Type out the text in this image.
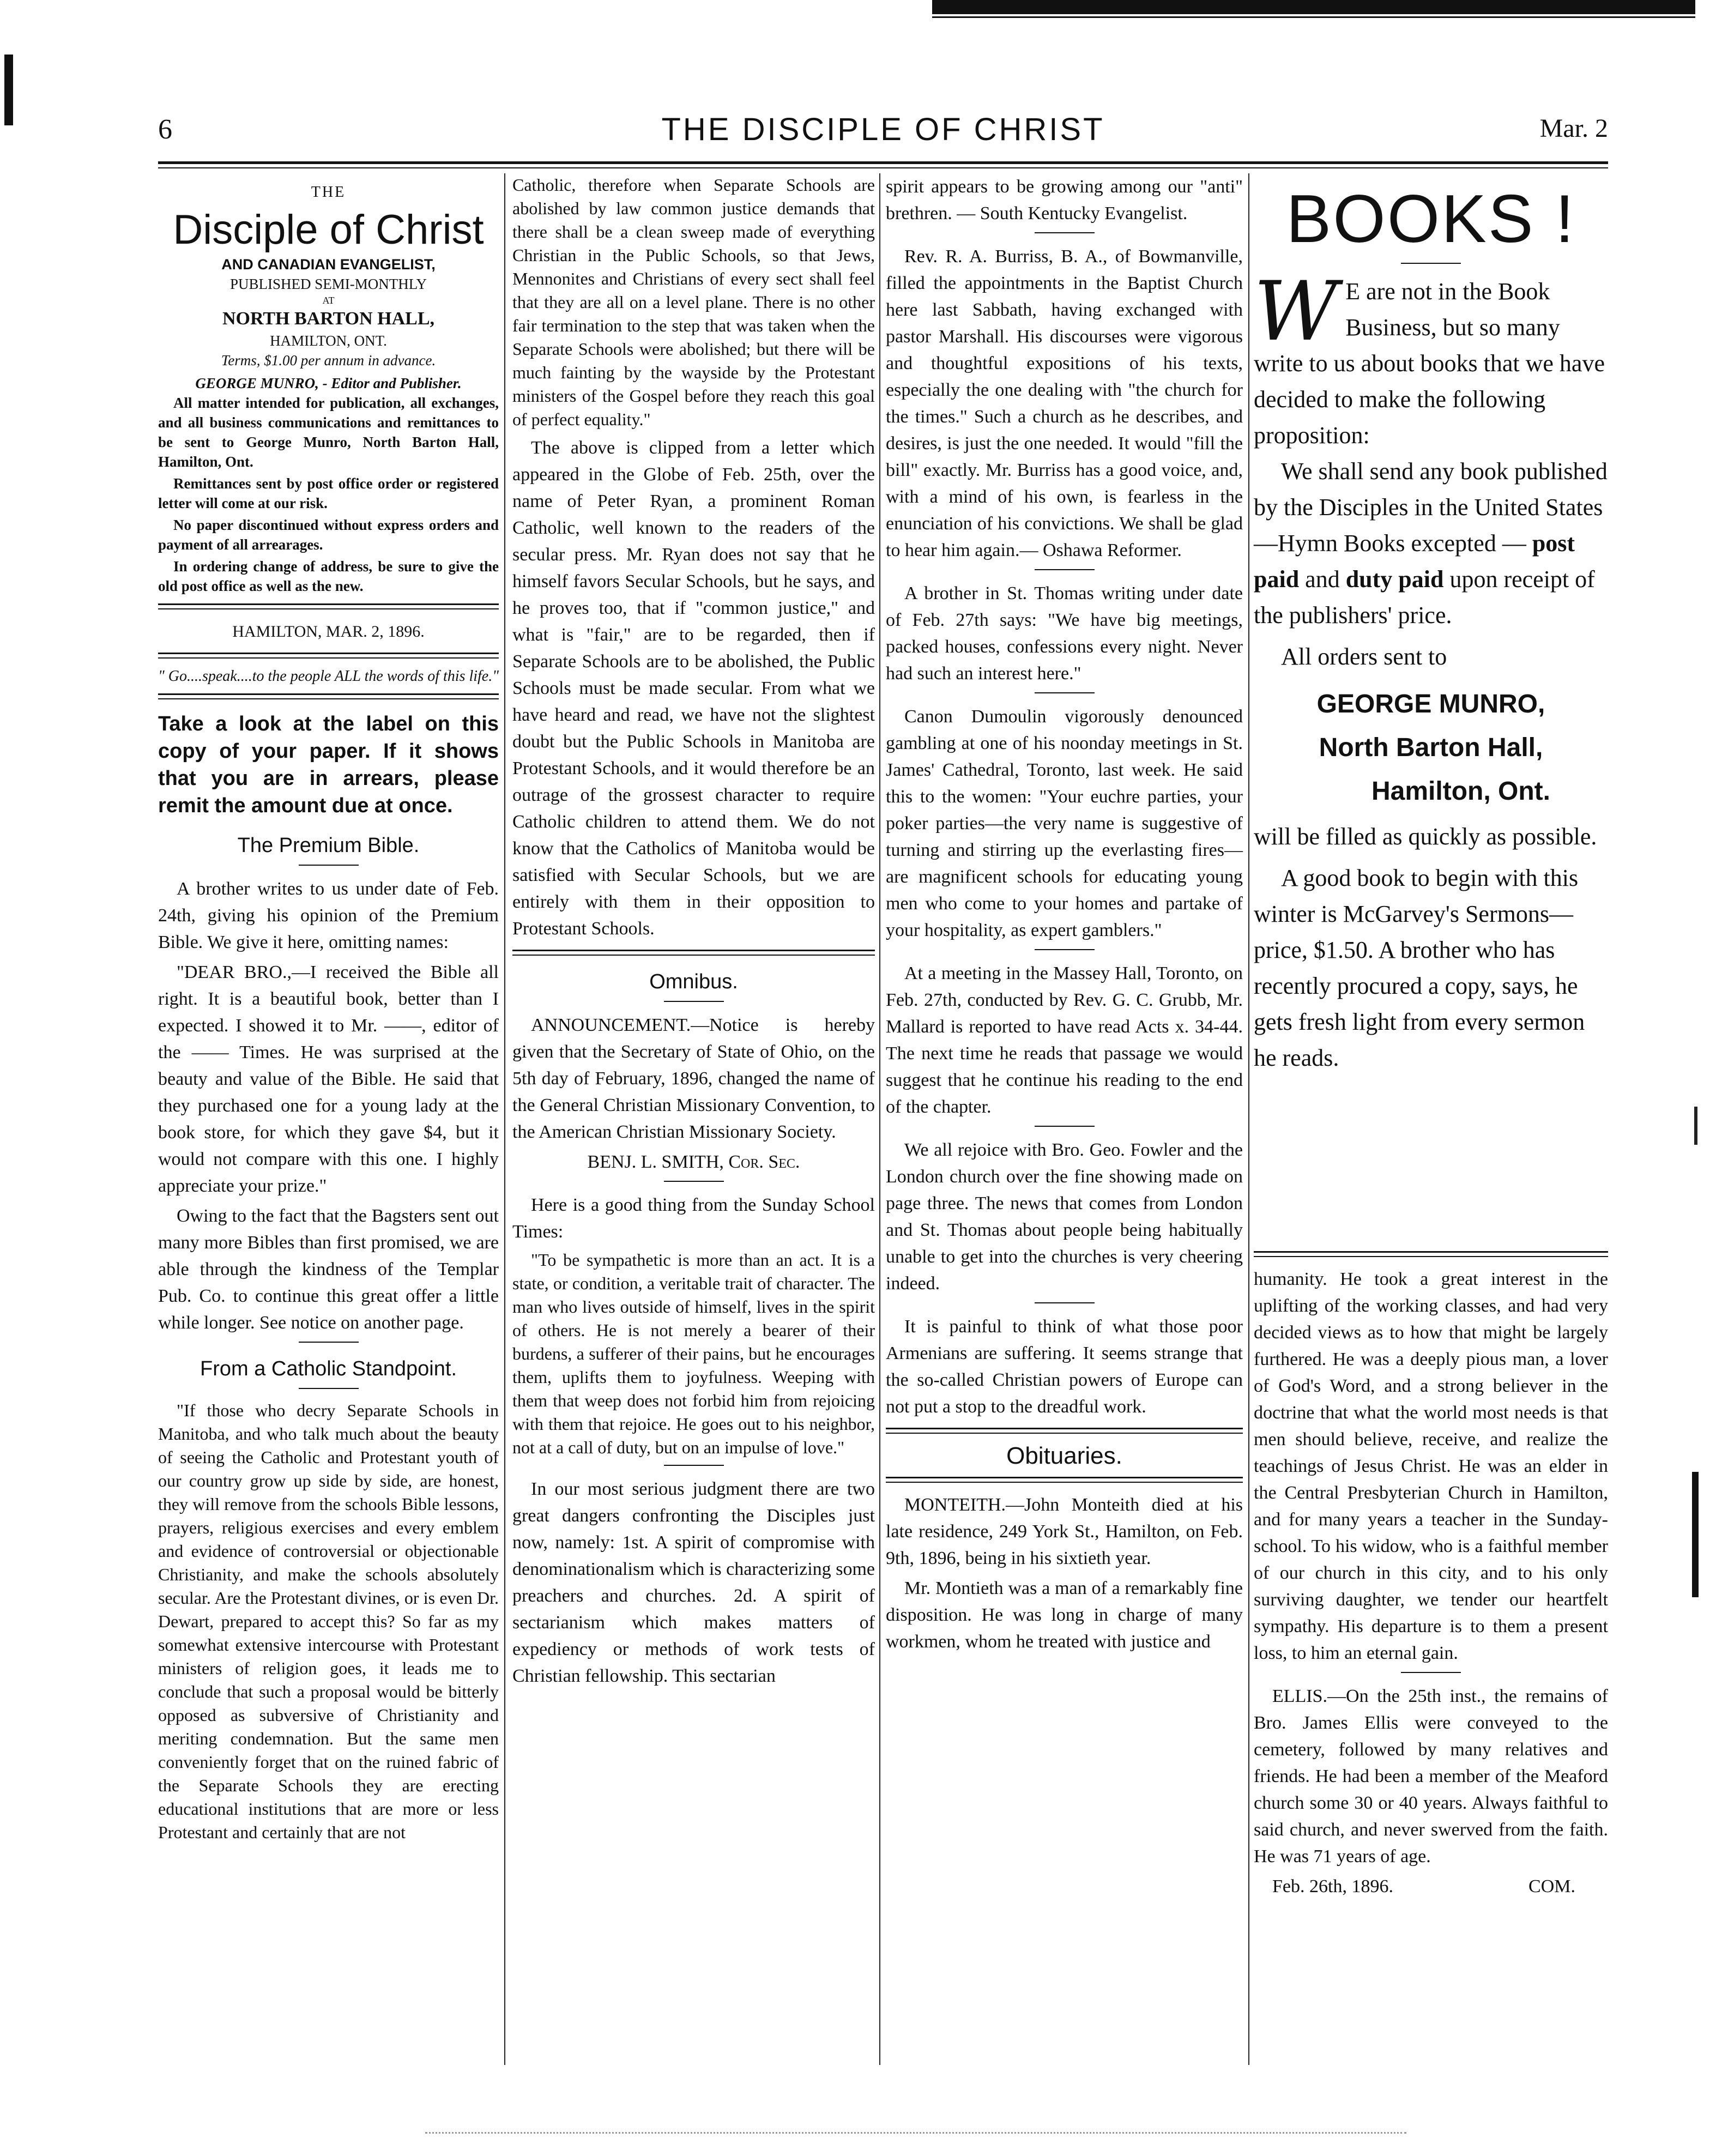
6	THE DISCIPLE OF CHRIST	Mar. 2
THE
Disciple of Christ
AND CANADIAN EVANGELIST,
PUBLISHED SEMI-MONTHLY
AT
NORTH BARTON HALL,
HAMILTON, ONT.
Terms, $1.00 per annum in advance.
GEORGE MUNRO, - Editor and Publisher.

All matter intended for publication, all exchanges, and all business communications and remittances to be sent to George Munro, North Barton Hall, Hamilton, Ont.

Remittances sent by post office order or registered letter will come at our risk.

No paper discontinued without express orders and payment of all arrearages.

In ordering change of address, be sure to give the old post office as well as the new.

HAMILTON, MAR. 2, 1896.

" Go....speak....to the people ALL the words of this life."

Take a look at the label on this copy of your paper. If it shows that you are in arrears, please remit the amount due at once.

The Premium Bible.

A brother writes to us under date of Feb. 24th, giving his opinion of the Premium Bible. We give it here, omitting names:

"DEAR BRO.,—I received the Bible all right. It is a beautiful book, better than I expected. I showed it to Mr. ——, editor of the —— Times. He was surprised at the beauty and value of the Bible. He said that they purchased one for a young lady at the book store, for which they gave $4, but it would not compare with this one. I highly appreciate your prize."

Owing to the fact that the Bagsters sent out many more Bibles than first promised, we are able through the kindness of the Templar Pub. Co. to continue this great offer a little while longer. See notice on another page.

From a Catholic Standpoint.

"If those who decry Separate Schools in Manitoba, and who talk much about the beauty of seeing the Catholic and Protestant youth of our country grow up side by side, are honest, they will remove from the schools Bible lessons, prayers, religious exercises and every emblem and evidence of controversial or objectionable Christianity, and make the schools absolutely secular. Are the Protestant divines, or is even Dr. Dewart, prepared to accept this? So far as my somewhat extensive intercourse with Protestant ministers of religion goes, it leads me to conclude that such a proposal would be bitterly opposed as subversive of Christianity and meriting condemnation. But the same men conveniently forget that on the ruined fabric of the Separate Schools they are erecting educational institutions that are more or less Protestant and certainly that are not

Catholic, therefore when Separate Schools are abolished by law common justice demands that there shall be a clean sweep made of everything Christian in the Public Schools, so that Jews, Mennonites and Christians of every sect shall feel that they are all on a level plane. There is no other fair termination to the step that was taken when the Separate Schools were abolished; but there will be much fainting by the wayside by the Protestant ministers of the Gospel before they reach this goal of perfect equality."

The above is clipped from a letter which appeared in the Globe of Feb. 25th, over the name of Peter Ryan, a prominent Roman Catholic, well known to the readers of the secular press. Mr. Ryan does not say that he himself favors Secular Schools, but he says, and he proves too, that if "common justice," and what is "fair," are to be regarded, then if Separate Schools are to be abolished, the Public Schools must be made secular. From what we have heard and read, we have not the slightest doubt but the Public Schools in Manitoba are Protestant Schools, and it would therefore be an outrage of the grossest character to require Catholic children to attend them. We do not know that the Catholics of Manitoba would be satisfied with Secular Schools, but we are entirely with them in their opposition to Protestant Schools.

Omnibus.

ANNOUNCEMENT.—Notice is hereby given that the Secretary of State of Ohio, on the 5th day of February, 1896, changed the name of the General Christian Missionary Convention, to the American Christian Missionary Society.

BENJ. L. SMITH, Cor. Sec.

Here is a good thing from the Sunday School Times:

"To be sympathetic is more than an act. It is a state, or condition, a veritable trait of character. The man who lives outside of himself, lives in the spirit of others. He is not merely a bearer of their burdens, a sufferer of their pains, but he encourages them, uplifts them to joyfulness. Weeping with them that weep does not forbid him from rejoicing with them that rejoice. He goes out to his neighbor, not at a call of duty, but on an impulse of love."

In our most serious judgment there are two great dangers confronting the Disciples just now, namely: 1st. A spirit of compromise with denominationalism which is characterizing some preachers and churches. 2d. A spirit of sectarianism which makes matters of expediency or methods of work tests of Christian fellowship. This sectarian

spirit appears to be growing among our "anti" brethren. — South Kentucky Evangelist.

Rev. R. A. Burriss, B. A., of Bowmanville, filled the appointments in the Baptist Church here last Sabbath, having exchanged with pastor Marshall. His discourses were vigorous and thoughtful expositions of his texts, especially the one dealing with "the church for the times." Such a church as he describes, and desires, is just the one needed. It would "fill the bill" exactly. Mr. Burriss has a good voice, and, with a mind of his own, is fearless in the enunciation of his convictions. We shall be glad to hear him again.— Oshawa Reformer.

A brother in St. Thomas writing under date of Feb. 27th says: "We have big meetings, packed houses, confessions every night. Never had such an interest here."

Canon Dumoulin vigorously denounced gambling at one of his noonday meetings in St. James' Cathedral, Toronto, last week. He said this to the women: "Your euchre parties, your poker parties—the very name is suggestive of turning and stirring up the everlasting fires—are magnificent schools for educating young men who come to your homes and partake of your hospitality, as expert gamblers."

At a meeting in the Massey Hall, Toronto, on Feb. 27th, conducted by Rev. G. C. Grubb, Mr. Mallard is reported to have read Acts x. 34-44. The next time he reads that passage we would suggest that he continue his reading to the end of the chapter.

We all rejoice with Bro. Geo. Fowler and the London church over the fine showing made on page three. The news that comes from London and St. Thomas about people being habitually unable to get into the churches is very cheering indeed.

It is painful to think of what those poor Armenians are suffering. It seems strange that the so-called Christian powers of Europe can not put a stop to the dreadful work.

Obituaries.

MONTEITH.—John Monteith died at his late residence, 249 York St., Hamilton, on Feb. 9th, 1896, being in his sixtieth year.

Mr. Montieth was a man of a remarkably fine disposition. He was long in charge of many workmen, whom he treated with justice and

BOOKS !

W E are not in the Book Business, but so many write to us about books that we have decided to make the following proposition:

We shall send any book published by the Disciples in the United States—Hymn Books excepted — post paid and duty paid upon receipt of the publishers' price.

All orders sent to

GEORGE MUNRO,
North Barton Hall,
Hamilton, Ont.

will be filled as quickly as possible.

A good book to begin with this winter is McGarvey's Sermons—price, $1.50. A brother who has recently procured a copy, says, he gets fresh light from every sermon he reads.

humanity. He took a great interest in the uplifting of the working classes, and had very decided views as to how that might be largely furthered. He was a deeply pious man, a lover of God's Word, and a strong believer in the doctrine that what the world most needs is that men should believe, receive, and realize the teachings of Jesus Christ. He was an elder in the Central Presbyterian Church in Hamilton, and for many years a teacher in the Sunday-school. To his widow, who is a faithful member of our church in this city, and to his only surviving daughter, we tender our heartfelt sympathy. His departure is to them a present loss, to him an eternal gain.

ELLIS.—On the 25th inst., the remains of Bro. James Ellis were conveyed to the cemetery, followed by many relatives and friends. He had been a member of the Meaford church some 30 or 40 years. Always faithful to said church, and never swerved from the faith. He was 71 years of age.

Feb. 26th, 1896.	COM.
